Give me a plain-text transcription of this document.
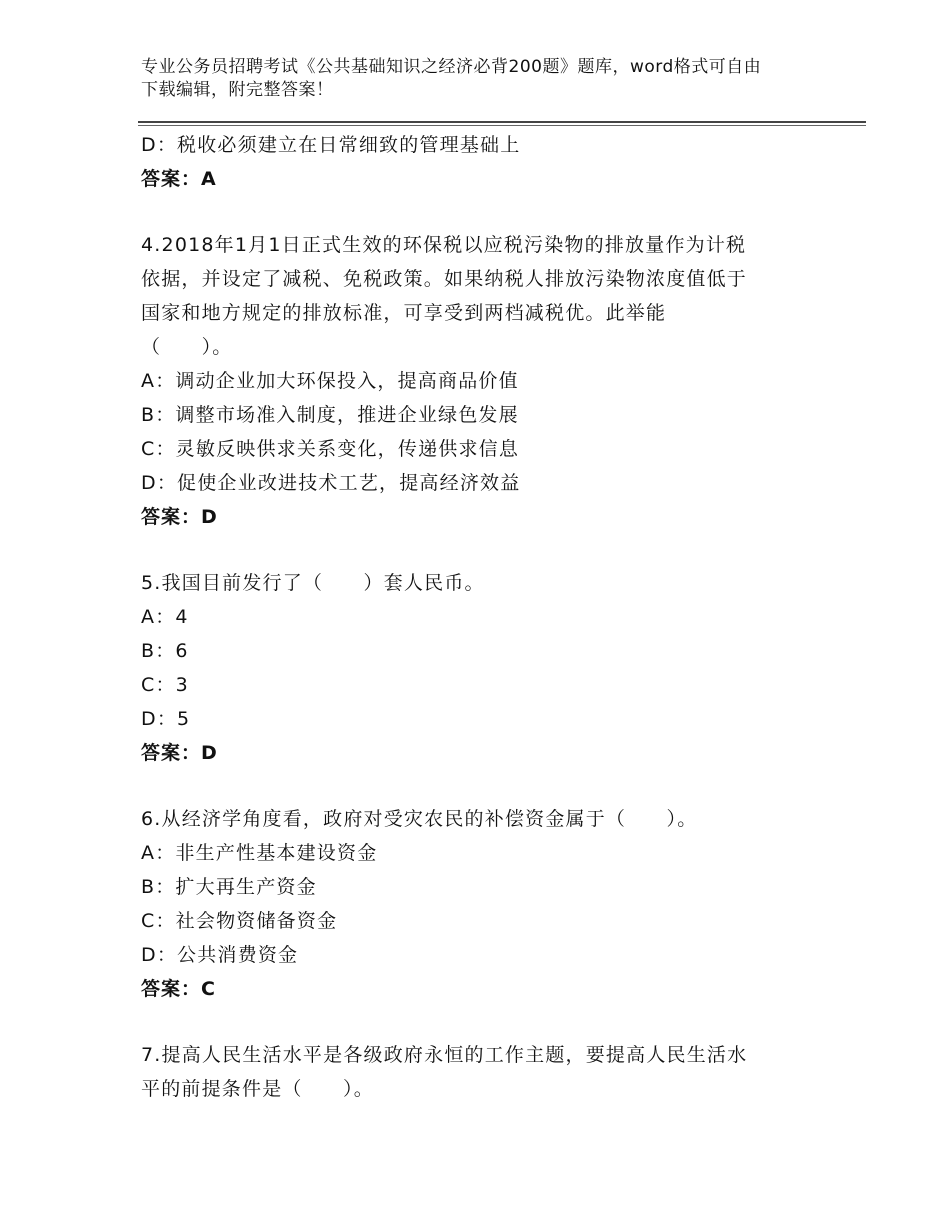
专业公务员招聘考试《公共基础知识之经济必背200题》题库，word格式可自由
下载编辑，附完整答案！
D：税收必须建立在日常细致的管理基础上
答案：A
4.2018年1月1日正式生效的环保税以应税污染物的排放量作为计税
依据，并设定了减税、免税政策。如果纳税人排放污染物浓度值低于
国家和地方规定的排放标准，可享受到两档减税优。此举能
（　　）。
A：调动企业加大环保投入，提高商品价值
B：调整市场准入制度，推进企业绿色发展
C：灵敏反映供求关系变化，传递供求信息
D：促使企业改进技术工艺，提高经济效益
答案：D
5.我国目前发行了（　　）套人民币。
A：4
B：6
C：3
D：5
答案：D
6.从经济学角度看，政府对受灾农民的补偿资金属于（　　）。
A：非生产性基本建设资金
B：扩大再生产资金
C：社会物资储备资金
D：公共消费资金
答案：C
7.提高人民生活水平是各级政府永恒的工作主题，要提高人民生活水
平的前提条件是（　　）。
